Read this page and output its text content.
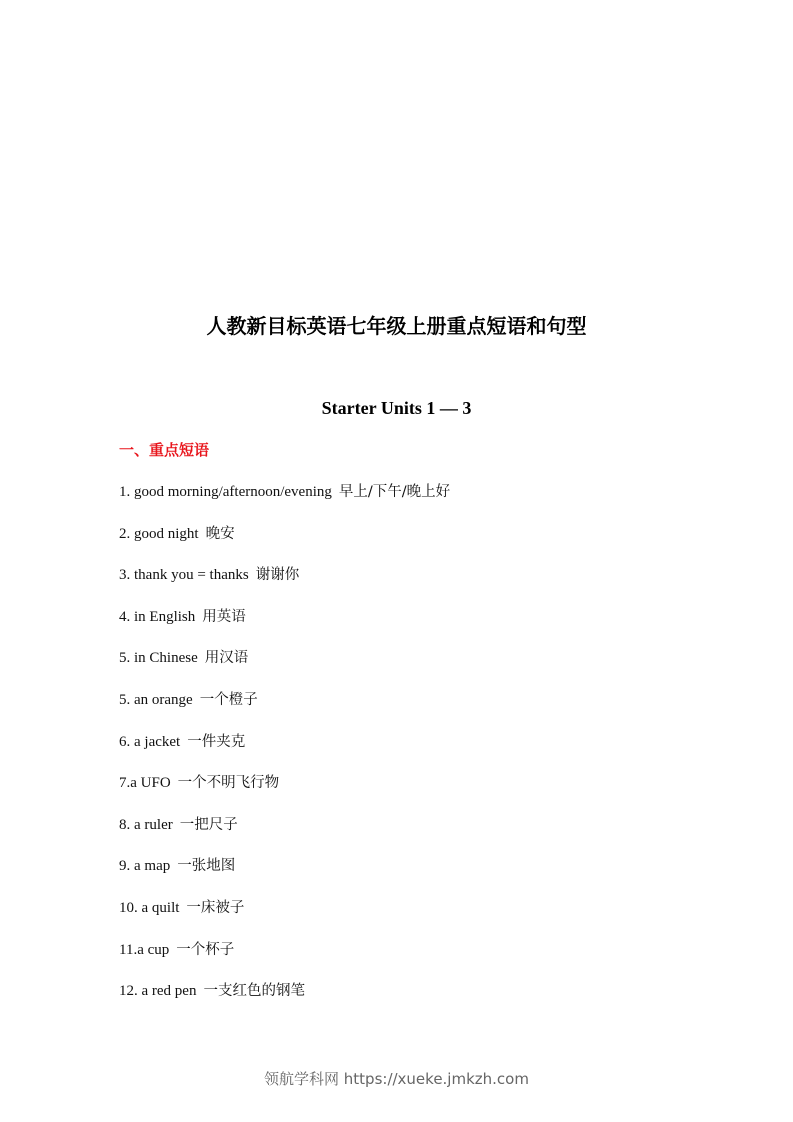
人教新目标英语七年级上册重点短语和句型
Starter Units 1 — 3
一、重点短语
1. good morning/afternoon/evening 早上/下午/晚上好
2. good night 晚安
3. thank you = thanks 谢谢你
4. in English 用英语
5. in Chinese 用汉语
5. an orange 一个橙子
6. a jacket 一件夹克
7.a UFO 一个不明飞行物
8. a ruler 一把尺子
9. a map 一张地图
10. a quilt 一床被子
11.a cup 一个杯子
12. a red pen 一支红色的钢笔
领航学科网 https://xueke.jmkzh.com
